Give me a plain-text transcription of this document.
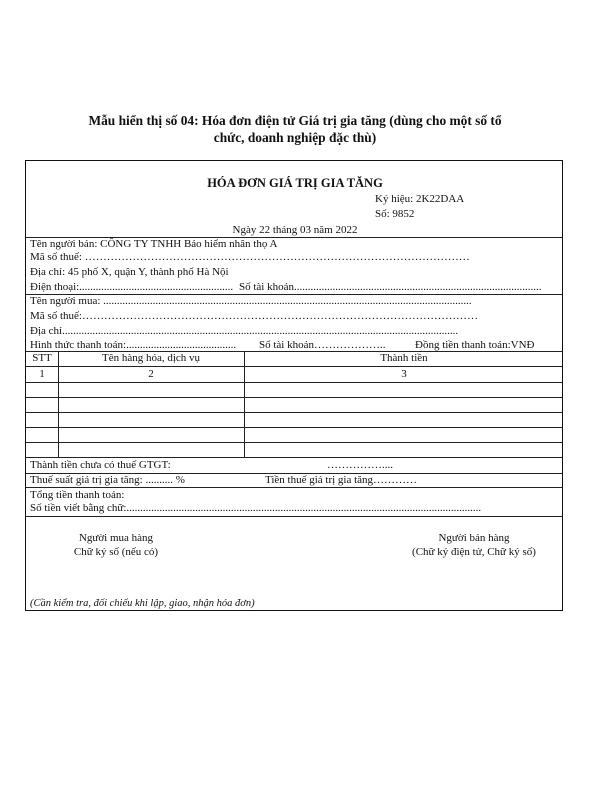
Mẫu hiển thị số 04: Hóa đơn điện tử Giá trị gia tăng (dùng cho một số tổ
chức, doanh nghiệp đặc thù)
HÓA ĐƠN GIÁ TRỊ GIA TĂNG
Ký hiệu: 2K22DAA
Số: 9852
Ngày 22 tháng 03 năm 2022
Tên người bán: CÔNG TY TNHH Bảo hiểm nhân thọ A
Mã số thuế: ……………………………………………………………………………………………
Địa chỉ: 45 phố X, quận Y, thành phố Hà Nội
Điện thoại:........................................................ Số tài khoản..........................................................................................
Tên người mua: ......................................................................................................................................
Mã số thuế:………………………………………………………………………………………………
Địa chỉ................................................................................................................................................
Hình thức thanh toán:........................................	Số tài khoản………………..	Đồng tiền thanh toán:VNĐ
STT	Tên hàng hóa, dịch vụ	Thành tiền
1	2	3
Thành tiền chưa có thuế GTGT:	……………....
Thuế suất giá trị gia tăng: .......... %	Tiền thuế giá trị gia tăng…………
Tổng tiền thanh toán:
Số tiền viết bằng chữ:.................................................................................................................................
Người mua hàng
Chữ ký số (nếu có)
Người bán hàng
(Chữ ký điện tử, Chữ ký số)
(Cần kiểm tra, đối chiếu khi lập, giao, nhận hóa đơn)
